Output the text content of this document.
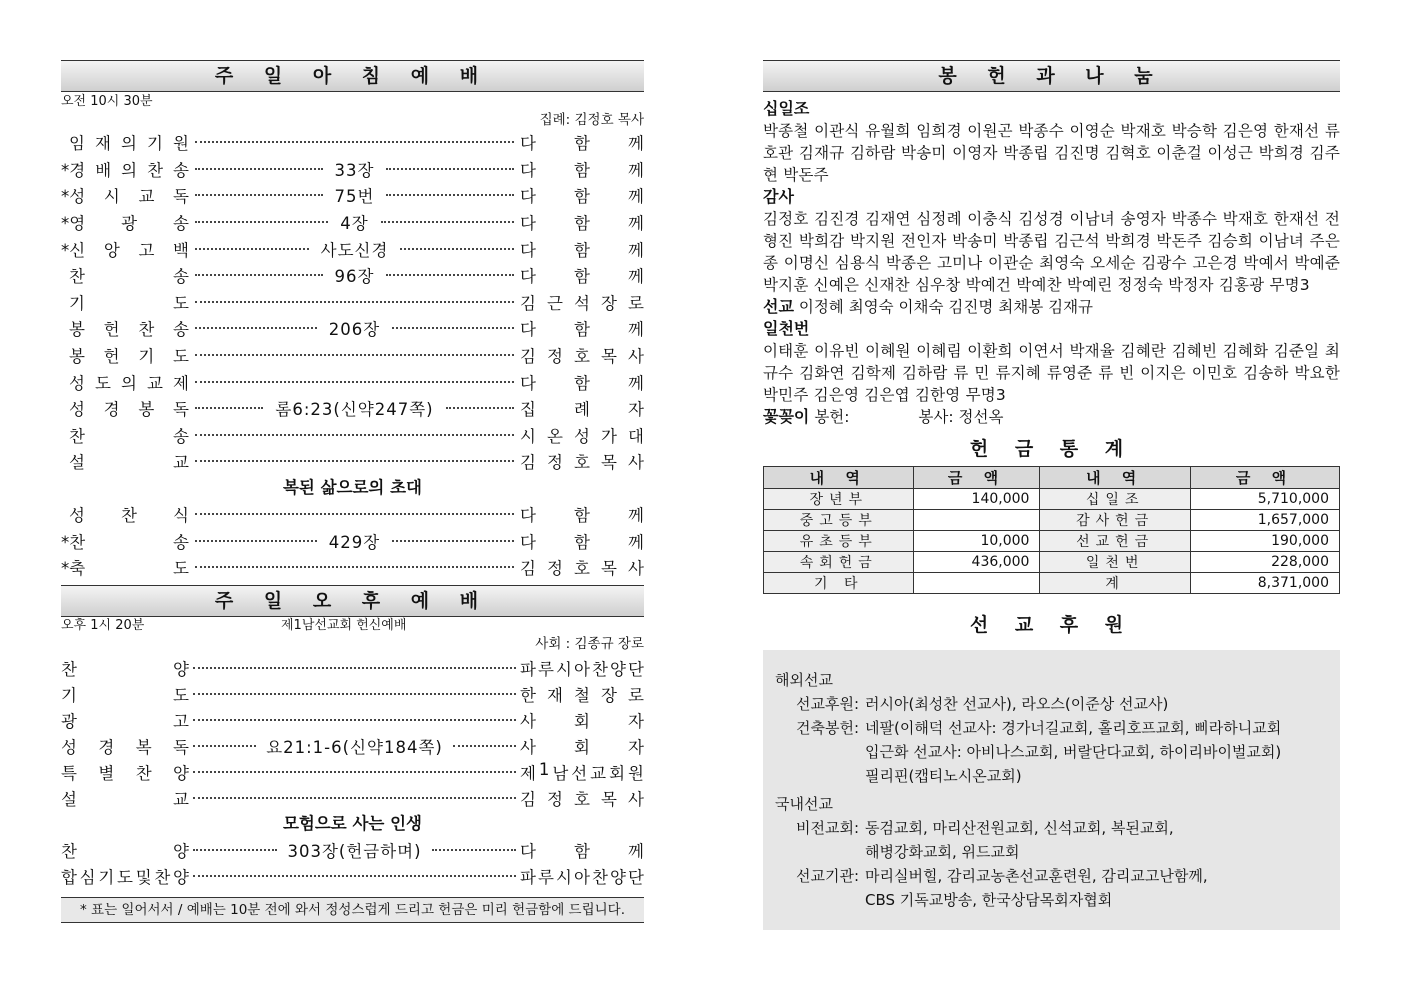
주 일 아 침 예 배
오전 10시 30분
집례: 김정호 목사
임 재 의 기 원	다 함 께
*경 배 의 찬 송	33장	다 함 께
*성 시 교 독	75번	다 함 께
*영 광 송	4장	다 함 께
*신 앙 고 백	사도신경	다 함 께
찬	송	96장	다 함 께
기	도	김 근 석 장 로
봉 헌 찬 송	206장	다 함 께
봉 헌 기 도	김 정 호 목 사
성 도 의 교 제	다 함 께
성 경 봉 독	롬6:23(신약247쪽)	집 례 자
찬	송	시 온 성 가 대
설	교	김 정 호 목 사
복된 삶으로의 초대
성 찬 식	다 함 께
*찬	송	429장	다 함 께
*축	도	김 정 호 목 사
주 일 오 후 예 배
오후 1시 20분	제1남선교회 헌신예배
사회 : 김종규 장로
찬	양	파 루 시 아 찬 양 단
기	도	한 재 철 장 로
광	고	사 회 자
성 경 복 독	요21:1-6(신약184쪽)	사 회 자
특 별 찬 양	제 1 남 선 교 회 원
설	교	김 정 호 목 사
모험으로 사는 인생
찬	양	303장(헌금하며)	다 함 께
합 심 기 도 및 찬 양	파 루 시 아 찬 양 단
* 표는 일어서서 / 예배는 10분 전에 와서 정성스럽게 드리고 헌금은 미리 헌금함에 드립니다.
봉 헌 과 나 눔
십일조
박종철 이관식 유월희 임희경 이원곤 박종수 이영순 박재호 박승학 김은영 한재선 류호관 김재규 김하람 박송미 이영자 박종립 김진명 김혁호 이춘걸 이성근 박희경 김주현 박돈주
감사
김정호 김진경 김재연 심정례 이충식 김성경 이남녀 송영자 박종수 박재호 한재선 전형진 박희감 박지원 전인자 박송미 박종립 김근석 박희경 박돈주 김승희 이남녀 주은종 이명신 심용식 박종은 고미나 이관순 최영숙 오세순 김광수 고은경 박예서 박예준 박지훈 신예은 신재찬 심우창 박예건 박예찬 박예린 정정숙 박정자 김홍광 무명3
선교 이정혜 최영숙 이채숙 김진명 최채봉 김재규
일천번
이태훈 이유빈 이혜원 이혜림 이환희 이연서 박재율 김혜란 김혜빈 김혜화 김준일 최규수 김화연 김학제 김하람 류 민 류지혜 류영준 류 빈 이지은 이민호 김송하 박요한 박민주 김은영 김은엽 김한영 무명3
꽃꽂이 봉헌:	봉사: 정선옥
헌 금 통 계
내 역	금 액	내 역	금 액
장년부	140,000	십일조	5,710,000
중고등부		감사헌금	1,657,000
유초등부	10,000	선교헌금	190,000
속회헌금	436,000	일천번	228,000
기 타		계	8,371,000
선 교 후 원
해외선교
선교후원: 러시아(최성찬 선교사), 라오스(이준상 선교사)
건축봉헌: 네팔(이해덕 선교사: 경가너길교회, 홀리호프교회, 삐라하니교회
입근화 선교사: 아비나스교회, 버랄단다교회, 하이리바이벌교회)
필리핀(캡티노시온교회)
국내선교
비전교회: 동검교회, 마리산전원교회, 신석교회, 복된교회,
해병강화교회, 위드교회
선교기관: 마리실버힐, 감리교농촌선교훈련원, 감리교고난함께,
CBS 기독교방송, 한국상담목회자협회
